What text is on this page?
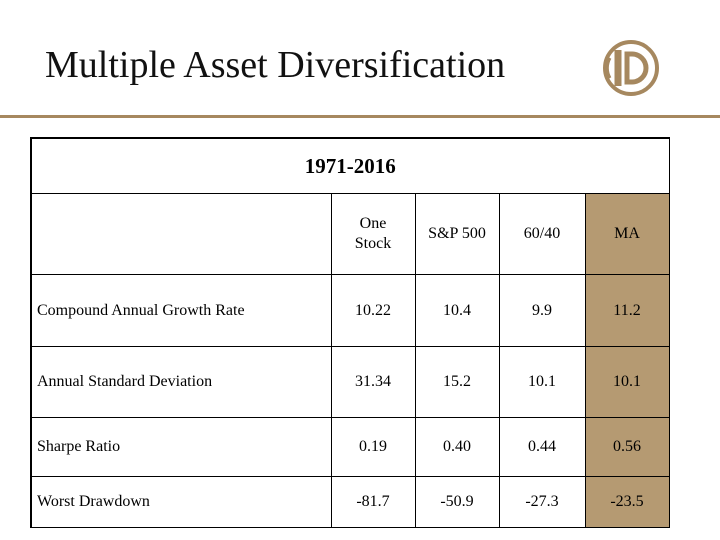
Multiple Asset Diversification
1971-2016				
	One Stock	S&P 500	60/40	MA
Compound Annual Growth Rate	10.22	10.4	9.9	11.2
Annual Standard Deviation	31.34	15.2	10.1	10.1
Sharpe Ratio	0.19	0.40	0.44	0.56
Worst Drawdown	-81.7	-50.9	-27.3	-23.5
